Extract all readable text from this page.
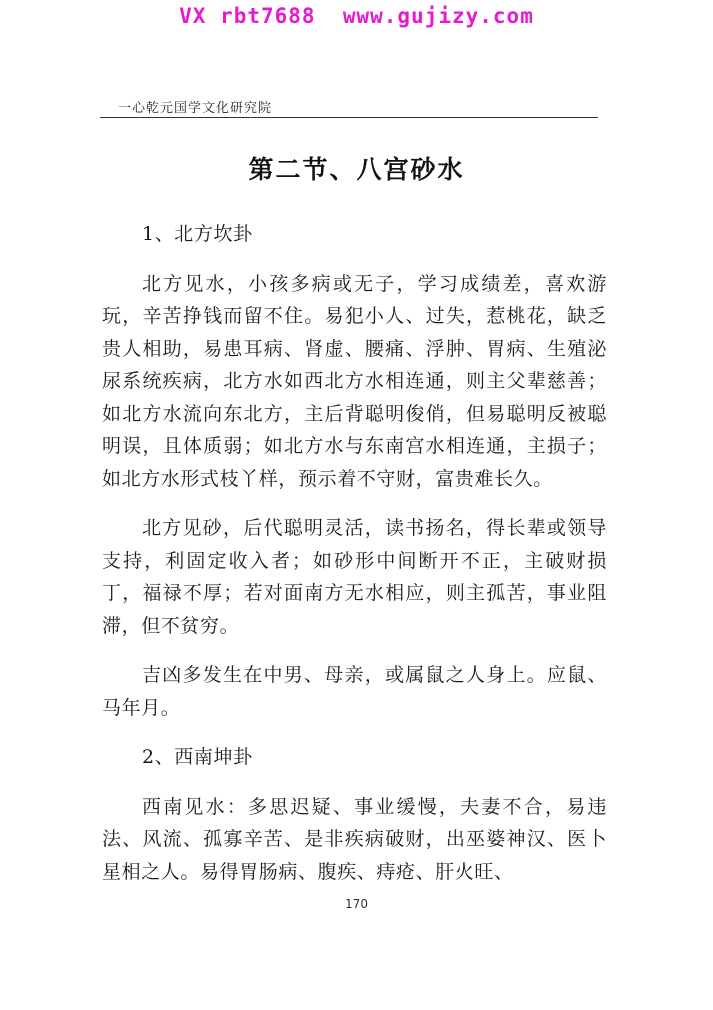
VX rbt7688  www.gujizy.com
一心乾元国学文化研究院
第二节、八宫砂水
1、北方坎卦

北方见水，小孩多病或无子，学习成绩差，喜欢游玩，辛苦挣钱而留不住。易犯小人、过失，惹桃花，缺乏贵人相助，易患耳病、肾虚、腰痛、浮肿、胃病、生殖泌尿系统疾病，北方水如西北方水相连通，则主父辈慈善；如北方水流向东北方，主后背聪明俊俏，但易聪明反被聪明误，且体质弱；如北方水与东南宫水相连通，主损子；如北方水形式枝丫样，预示着不守财，富贵难长久。

北方见砂，后代聪明灵活，读书扬名，得长辈或领导支持，利固定收入者；如砂形中间断开不正，主破财损丁，福禄不厚；若对面南方无水相应，则主孤苦，事业阻滞，但不贫穷。

吉凶多发生在中男、母亲，或属鼠之人身上。应鼠、马年月。

2、西南坤卦

西南见水：多思迟疑、事业缓慢，夫妻不合，易违法、风流、孤寡辛苦、是非疾病破财，出巫婆神汉、医卜星相之人。易得胃肠病、腹疾、痔疮、肝火旺、

170
